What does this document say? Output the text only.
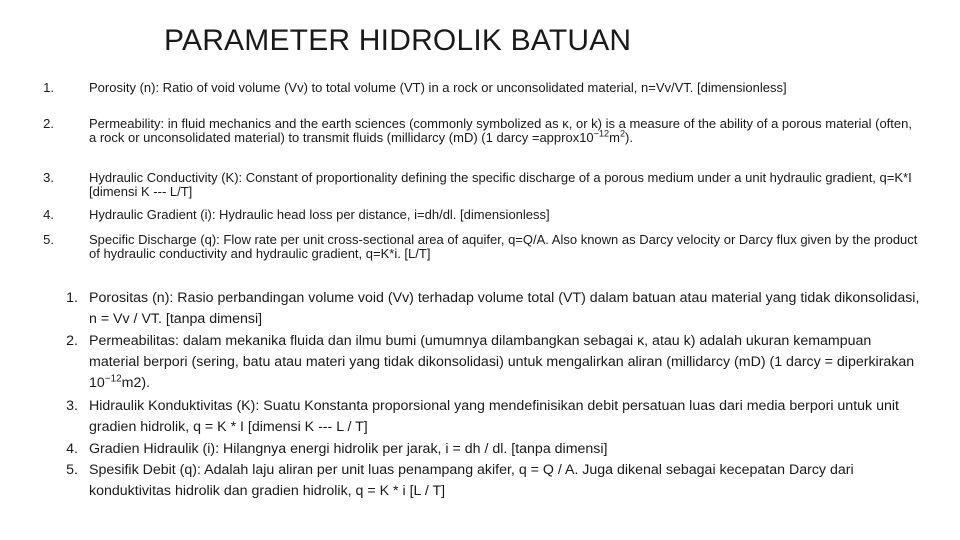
PARAMETER HIDROLIK BATUAN
1.	Porosity (n): Ratio of void volume (Vv) to total volume (VT) in a rock or unconsolidated material, n=Vv/VT. [dimensionless]
2.	Permeability: in fluid mechanics and the earth sciences (commonly symbolized as κ, or k) is a measure of the ability of a porous material (often, a rock or unconsolidated material) to transmit fluids (millidarcy (mD) (1 darcy $=approx10^{-12}m^2$).
3.	Hydraulic Conductivity (K): Constant of proportionality defining the specific discharge of a porous medium under a unit hydraulic gradient, q=K*I [dimensi K --- L/T]
4.	Hydraulic Gradient (i): Hydraulic head loss per distance, i=dh/dl. [dimensionless]
5.	Specific Discharge (q): Flow rate per unit cross-sectional area of aquifer, q=Q/A. Also known as Darcy velocity or Darcy flux given by the product of hydraulic conductivity and hydraulic gradient, q=K*i. [L/T]
1. Porositas (n): Rasio perbandingan volume void (Vv) terhadap volume total (VT) dalam batuan atau material yang tidak dikonsolidasi, n = Vv / VT. [tanpa dimensi]
2. Permeabilitas: dalam mekanika fluida dan ilmu bumi (umumnya dilambangkan sebagai κ, atau k) adalah ukuran kemampuan material berpori (sering, batu atau materi yang tidak dikonsolidasi) untuk mengalirkan aliran (millidarcy (mD) (1 darcy = diperkirakan $10^{-12}m2$).
3. Hidraulik Konduktivitas (K): Suatu Konstanta proporsional yang mendefinisikan debit persatuan luas dari media berpori untuk unit gradien hidrolik, q = K * I [dimensi K --- L / T]
4. Gradien Hidraulik (i): Hilangnya energi hidrolik per jarak, i = dh / dl. [tanpa dimensi]
5. Spesifik Debit (q): Adalah laju aliran per unit luas penampang akifer, q = Q / A. Juga dikenal sebagai kecepatan Darcy dari konduktivitas hidrolik dan gradien hidrolik, q = K * i [L / T]
